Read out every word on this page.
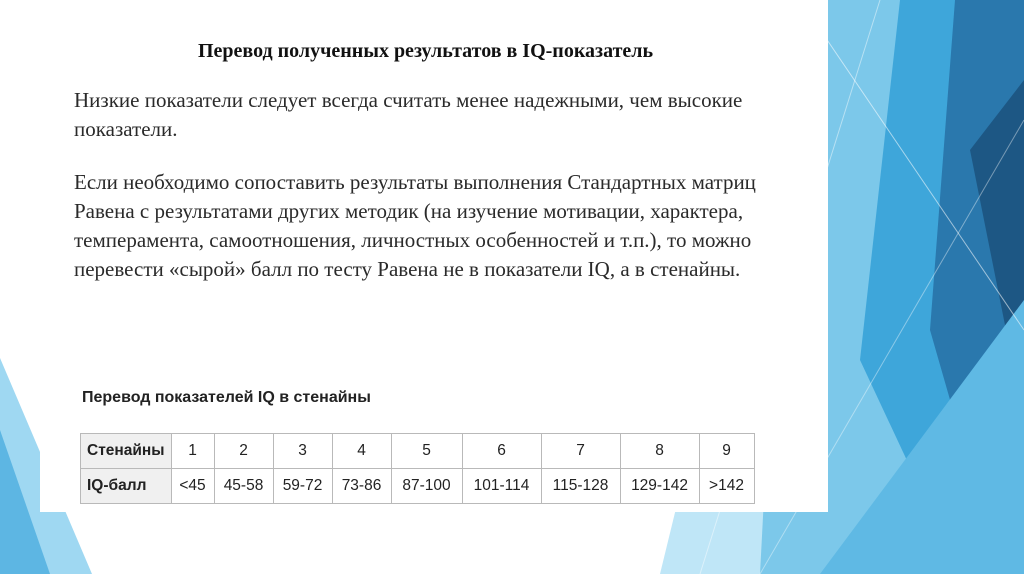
Перевод полученных результатов в IQ-показатель
Низкие показатели следует всегда считать менее надежными, чем высокие показатели.
Если необходимо сопоставить результаты выполнения Стандартных матриц Равена с результатами других методик (на изучение мотивации, характера, темперамента, самоотношения, личностных особенностей и т.п.), то можно перевести «сырой» балл по тесту Равена не в показатели IQ, а в стенайны.
Перевод показателей IQ в стенайны
Стенайны	1	2	3	4	5	6	7	8	9
IQ-балл	<45	45-58	59-72	73-86	87-100	101-114	115-128	129-142	>142
